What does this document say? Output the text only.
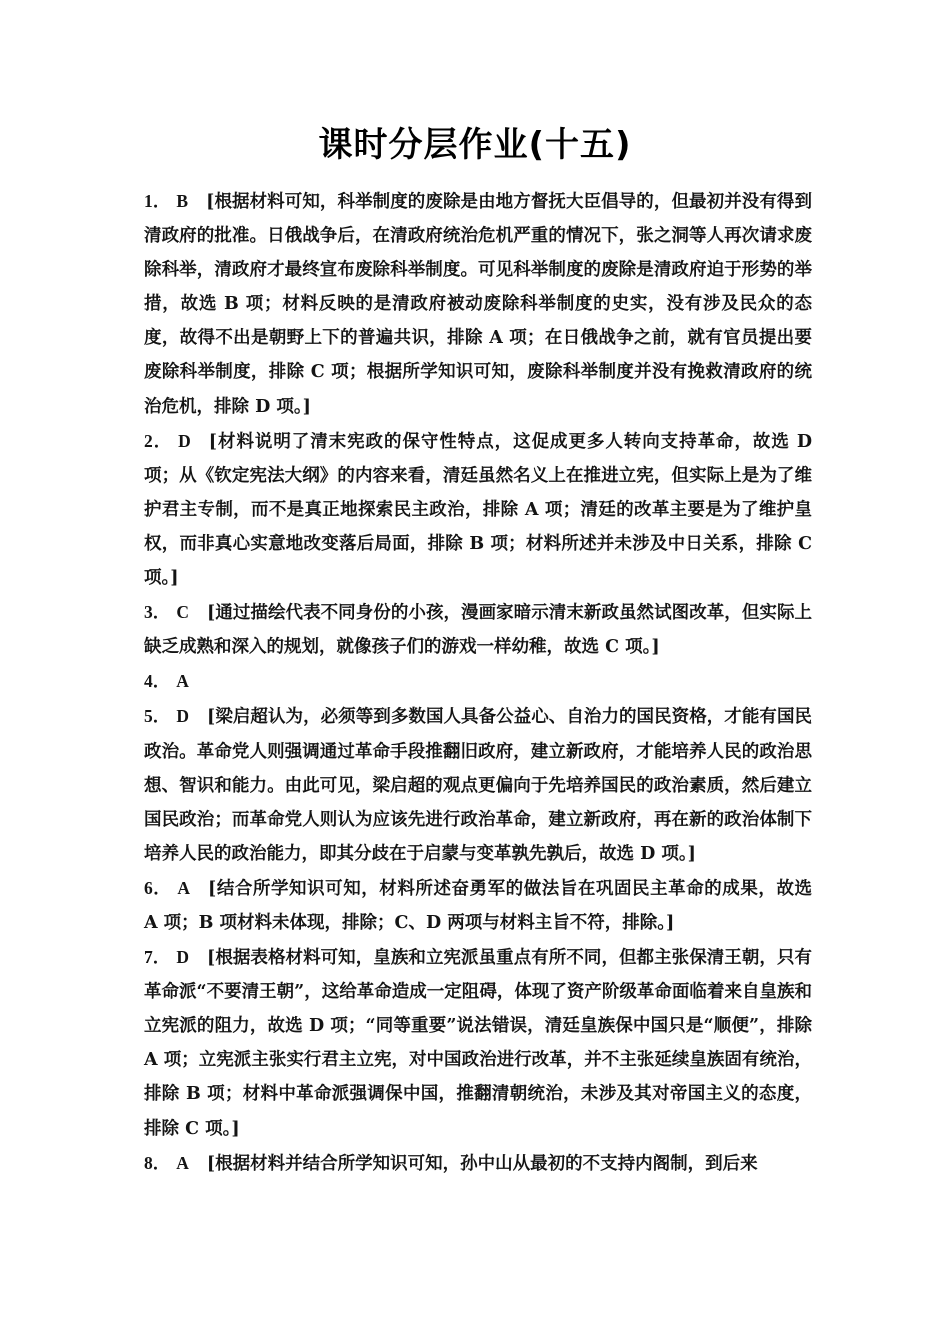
课时分层作业(十五)

1． B [根据材料可知，科举制度的废除是由地方督抚大臣倡导的，但最初并没有得到清政府的批准。日俄战争后，在清政府统治危机严重的情况下，张之洞等人再次请求废除科举，清政府才最终宣布废除科举制度。可见科举制度的废除是清政府迫于形势的举措，故选 B 项；材料反映的是清政府被动废除科举制度的史实，没有涉及民众的态度，故得不出是朝野上下的普遍共识，排除 A 项；在日俄战争之前，就有官员提出要废除科举制度，排除 C 项；根据所学知识可知，废除科举制度并没有挽救清政府的统治危机，排除 D 项。]

2． D [材料说明了清末宪政的保守性特点，这促成更多人转向支持革命，故选 D 项；从《钦定宪法大纲》的内容来看，清廷虽然名义上在推进立宪，但实际上是为了维护君主专制，而不是真正地探索民主政治，排除 A 项；清廷的改革主要是为了维护皇权，而非真心实意地改变落后局面，排除 B 项；材料所述并未涉及中日关系，排除 C 项。]

3． C [通过描绘代表不同身份的小孩，漫画家暗示清末新政虽然试图改革，但实际上缺乏成熟和深入的规划，就像孩子们的游戏一样幼稚，故选 C 项。]

4． A

5． D [梁启超认为，必须等到多数国人具备公益心、自治力的国民资格，才能有国民政治。革命党人则强调通过革命手段推翻旧政府，建立新政府，才能培养人民的政治思想、智识和能力。由此可见，梁启超的观点更偏向于先培养国民的政治素质，然后建立国民政治；而革命党人则认为应该先进行政治革命，建立新政府，再在新的政治体制下培养人民的政治能力，即其分歧在于启蒙与变革孰先孰后，故选 D 项。]

6． A [结合所学知识可知，材料所述奋勇军的做法旨在巩固民主革命的成果，故选 A 项；B 项材料未体现，排除；C、D 两项与材料主旨不符，排除。]

7． D [根据表格材料可知，皇族和立宪派虽重点有所不同，但都主张保清王朝，只有革命派“不要清王朝”，这给革命造成一定阻碍，体现了资产阶级革命面临着来自皇族和立宪派的阻力，故选 D 项；“同等重要”说法错误，清廷皇族保中国只是“顺便”，排除 A 项；立宪派主张实行君主立宪，对中国政治进行改革，并不主张延续皇族固有统治，排除 B 项；材料中革命派强调保中国，推翻清朝统治，未涉及其对帝国主义的态度，排除 C 项。]

8． A [根据材料并结合所学知识可知，孙中山从最初的不支持内阁制，到后来
